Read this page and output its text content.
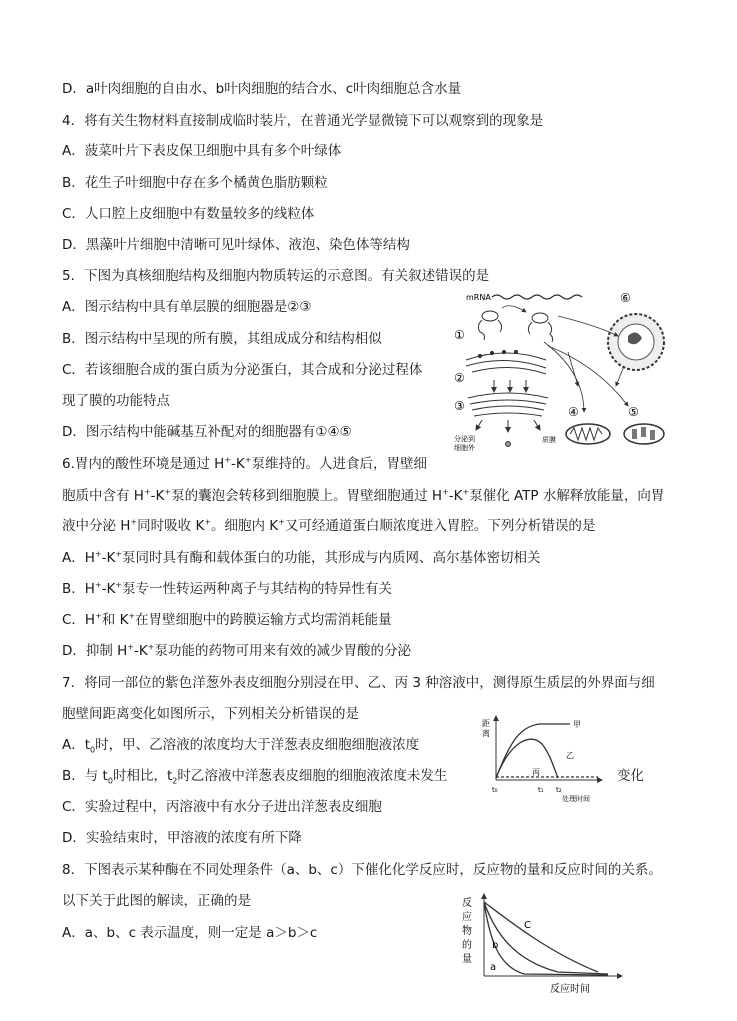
D．a叶肉细胞的自由水、b叶肉细胞的结合水、c叶肉细胞总含水量
4．将有关生物材料直接制成临时装片，在普通光学显微镜下可以观察到的现象是
A．菠菜叶片下表皮保卫细胞中具有多个叶绿体
B．花生子叶细胞中存在多个橘黄色脂肪颗粒
C．人口腔上皮细胞中有数量较多的线粒体
D．黑藻叶片细胞中清晰可见叶绿体、液泡、染色体等结构
5．下图为真核细胞结构及细胞内物质转运的示意图。有关叙述错误的是
A．图示结构中具有单层膜的细胞器是②③
B．图示结构中呈现的所有膜，其组成成分和结构相似
C．若该细胞合成的蛋白质为分泌蛋白，其合成和分泌过程体
现了膜的功能特点
D．图示结构中能碱基互补配对的细胞器有①④⑤
mRNA
①
②
③	④	⑤
⑥
分泌到
细胞外
质膜
6.胃内的酸性环境是通过 H+-K+泵维持的。人进食后，胃壁细
胞质中含有 H+-K+泵的囊泡会转移到细胞膜上。胃壁细胞通过 H+-K+泵催化 ATP 水解释放能量，向胃
液中分泌 H+同时吸收 K+。细胞内 K+又可经通道蛋白顺浓度进入胃腔。下列分析错误的是
A．H+-K+泵同时具有酶和载体蛋白的功能，其形成与内质网、高尔基体密切相关
B．H+-K+泵专一性转运两种离子与其结构的特异性有关
C．H+和 K+在胃壁细胞中的跨膜运输方式均需消耗能量
D．抑制 H+-K+泵功能的药物可用来有效的减少胃酸的分泌
7．将同一部位的紫色洋葱外表皮细胞分别浸在甲、乙、丙 3 种溶液中，测得原生质层的外界面与细
胞壁间距离变化如图所示，下列相关分析错误的是
A．$t_0$时，甲、乙溶液的浓度均大于洋葱表皮细胞细胞液浓度
B．与 $t_0$时相比，$t_2$时乙溶液中洋葱表皮细胞的细胞液浓度未发生	变化
C．实验过程中，丙溶液中有水分子进出洋葱表皮细胞
D．实验结束时，甲溶液的浓度有所下降
距
离
甲
乙
丙
t₀	t₁ t₂
处理时间
8．下图表示某种酶在不同处理条件（a、b、c）下催化化学反应时，反应物的量和反应时间的关系。
以下关于此图的解读，正确的是
A．a、b、c 表示温度，则一定是 a＞b＞c
反
应
物
的
量
a
b
C
反应时间
